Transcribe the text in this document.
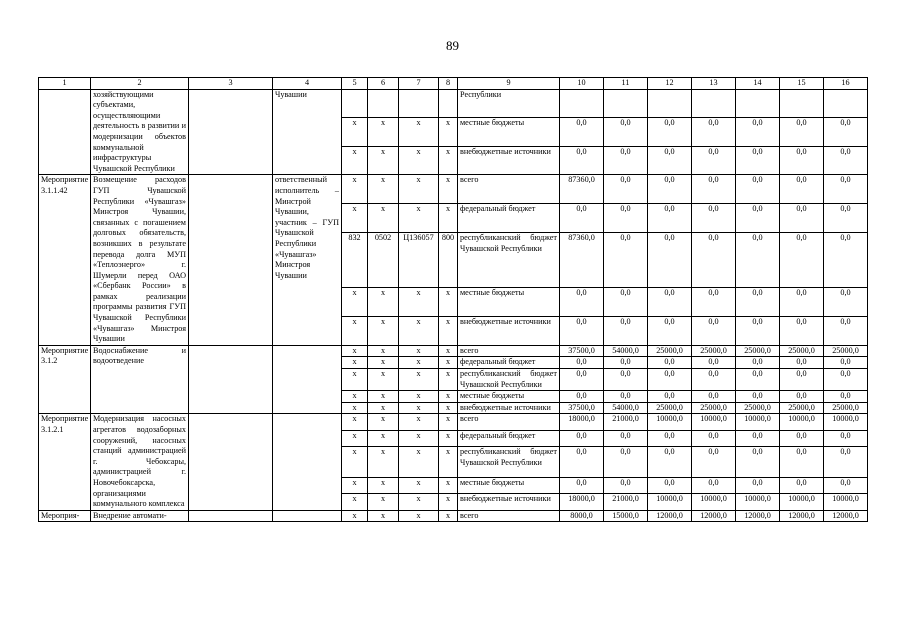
89
1	2	3	4	5	6	7	8	9	10	11	12	13	14	15	16
	хозяйствующими субъектами, осуществляющими деятельность в развитии и модернизации объектов коммунальной инфраструктуры Чувашской Республики		Чувашии					Республики							
				х	х	х	х	местные бюджеты	0,0	0,0	0,0	0,0	0,0	0,0	0,0
				х	х	х	х	внебюджетные источники	0,0	0,0	0,0	0,0	0,0	0,0	0,0
Мероприятие 3.1.1.42	Возмещение расходов ГУП Чувашской Республики «Чувашгаз» Минстроя Чувашии, связанных с погашением долговых обязательств, возникших в результате перевода долга МУП «Теплоэнерго» г. Шумерли перед ОАО «Сбербанк России» в рамках реализации программы развития ГУП Чувашской Республики «Чувашгаз» Минстроя Чувашии		ответственный исполнитель – Минстрой Чувашии, участник – ГУП Чувашской Республики «Чувашгаз» Минстроя Чувашии	х	х	х	х	всего	87360,0	0,0	0,0	0,0	0,0	0,0	0,0
				х	х	х	х	федеральный бюджет	0,0	0,0	0,0	0,0	0,0	0,0	0,0
				832	0502	Ц136057	800	республиканский бюджет Чувашской Республики	87360,0	0,0	0,0	0,0	0,0	0,0	0,0
				х	х	х	х	местные бюджеты	0,0	0,0	0,0	0,0	0,0	0,0	0,0
				х	х	х	х	внебюджетные источники	0,0	0,0	0,0	0,0	0,0	0,0	0,0
Мероприятие 3.1.2	Водоснабжение и водоотведение			х	х	х	х	всего	37500,0	54000,0	25000,0	25000,0	25000,0	25000,0	25000,0
				х	х	х	х	федеральный бюджет	0,0	0,0	0,0	0,0	0,0	0,0	0,0
				х	х	х	х	республиканский бюджет Чувашской Республики	0,0	0,0	0,0	0,0	0,0	0,0	0,0
				х	х	х	х	местные бюджеты	0,0	0,0	0,0	0,0	0,0	0,0	0,0
				х	х	х	х	внебюджетные источники	37500,0	54000,0	25000,0	25000,0	25000,0	25000,0	25000,0
Мероприятие 3.1.2.1	Модернизация насосных агрегатов водозаборных сооружений, насосных станций администрацией г. Чебоксары, администрацией г. Новочебоксарска, организациями коммунального комплекса			х	х	х	х	всего	18000,0	21000,0	10000,0	10000,0	10000,0	10000,0	10000,0
				х	х	х	х	федеральный бюджет	0,0	0,0	0,0	0,0	0,0	0,0	0,0
				х	х	х	х	республиканский бюджет Чувашской Республики	0,0	0,0	0,0	0,0	0,0	0,0	0,0
				х	х	х	х	местные бюджеты	0,0	0,0	0,0	0,0	0,0	0,0	0,0
				х	х	х	х	внебюджетные источники	18000,0	21000,0	10000,0	10000,0	10000,0	10000,0	10000,0
Мероприя-	Внедрение автомати-			х	х	х	х	всего	8000,0	15000,0	12000,0	12000,0	12000,0	12000,0	12000,0
